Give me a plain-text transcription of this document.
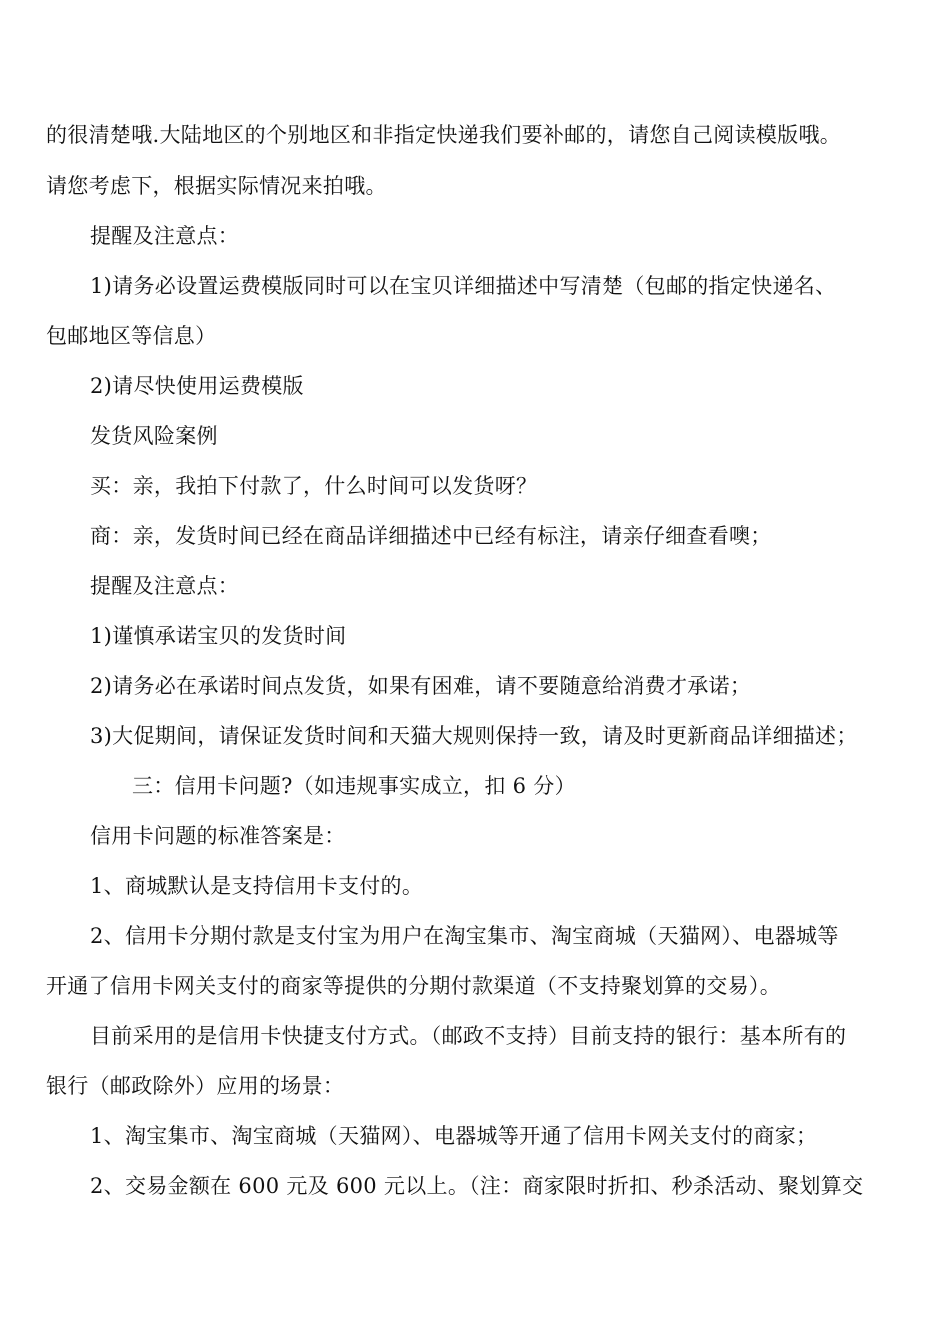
的很清楚哦.大陆地区的个别地区和非指定快递我们要补邮的，请您自己阅读模版哦。
请您考虑下，根据实际情况来拍哦。
提醒及注意点：
1)请务必设置运费模版同时可以在宝贝详细描述中写清楚（包邮的指定快递名、
包邮地区等信息）
2)请尽快使用运费模版
发货风险案例
买：亲，我拍下付款了，什么时间可以发货呀？
商：亲，发货时间已经在商品详细描述中已经有标注，请亲仔细查看噢；
提醒及注意点：
1)谨慎承诺宝贝的发货时间
2)请务必在承诺时间点发货，如果有困难，请不要随意给消费才承诺；
3)大促期间，请保证发货时间和天猫大规则保持一致，请及时更新商品详细描述；
三：信用卡问题?（如违规事实成立，扣 6 分）
信用卡问题的标准答案是：
1、商城默认是支持信用卡支付的。
2、信用卡分期付款是支付宝为用户在淘宝集市、淘宝商城（天猫网）、电器城等
开通了信用卡网关支付的商家等提供的分期付款渠道（不支持聚划算的交易）。
目前采用的是信用卡快捷支付方式。（邮政不支持）目前支持的银行：基本所有的
银行（邮政除外）应用的场景：
1、淘宝集市、淘宝商城（天猫网）、电器城等开通了信用卡网关支付的商家；
2、交易金额在 600 元及 600 元以上。（注：商家限时折扣、秒杀活动、聚划算交
